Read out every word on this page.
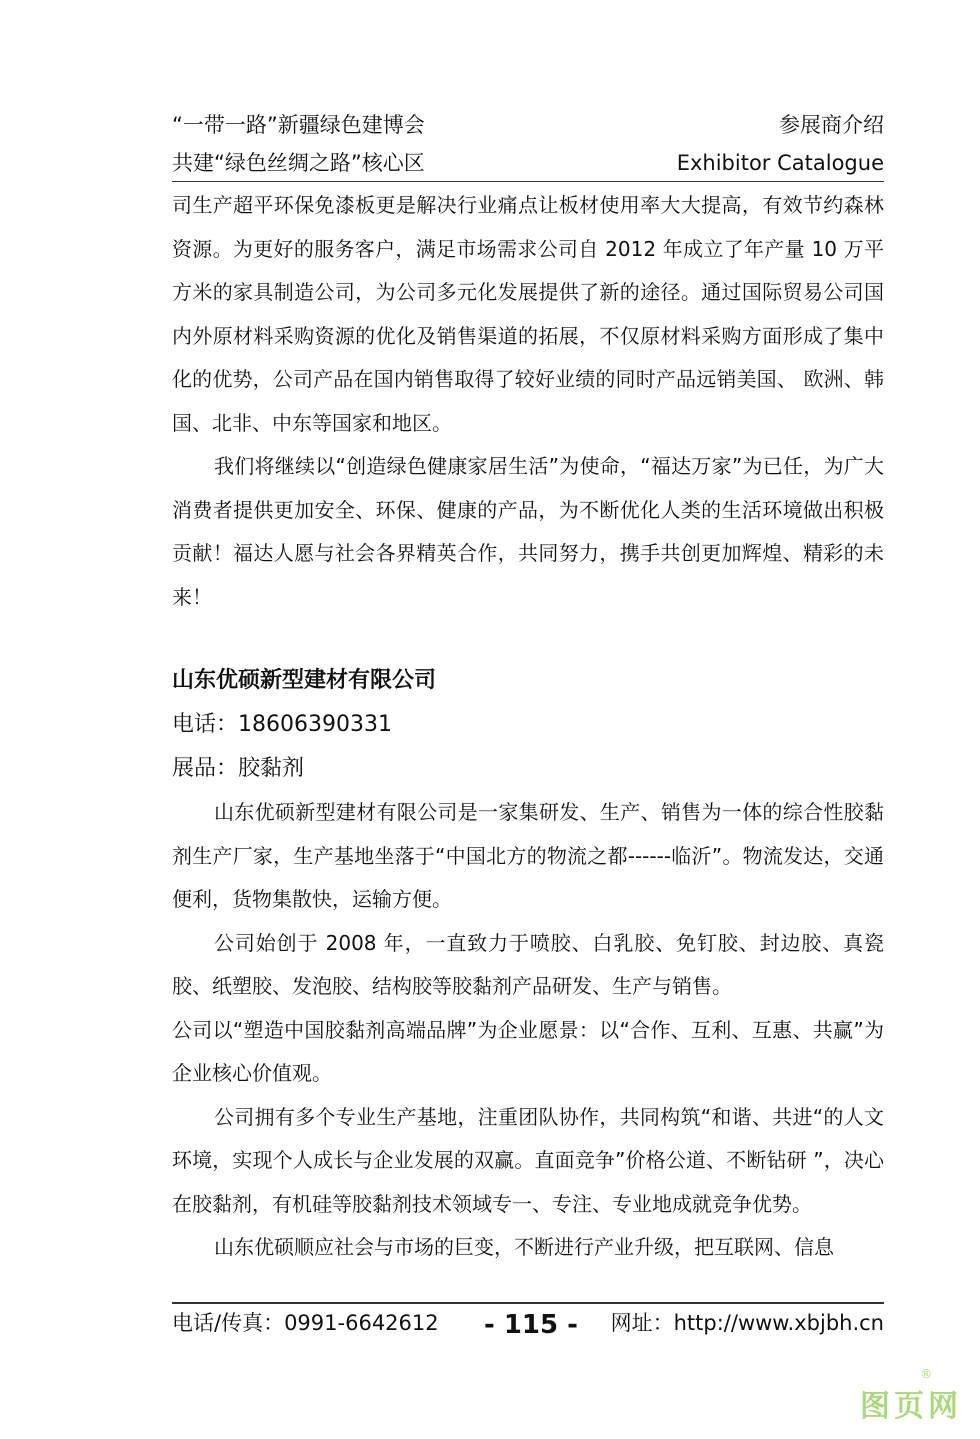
“一带一路”新疆绿色建博会	参展商介绍
共建“绿色丝绸之路”核心区	Exhibitor Catalogue

司生产超平环保免漆板更是解决行业痛点让板材使用率大大提高，有效节约森林资源。为更好的服务客户，满足市场需求公司自 2012 年成立了年产量 10 万平方米的家具制造公司，为公司多元化发展提供了新的途径。通过国际贸易公司国内外原材料采购资源的优化及销售渠道的拓展，不仅原材料采购方面形成了集中化的优势，公司产品在国内销售取得了较好业绩的同时产品远销美国、 欧洲、韩国、北非、中东等国家和地区。

我们将继续以“创造绿色健康家居生活”为使命，“福达万家”为已任，为广大消费者提供更加安全、环保、健康的产品，为不断优化人类的生活环境做出积极贡献！福达人愿与社会各界精英合作，共同努力，携手共创更加辉煌、精彩的未来！

山东优硕新型建材有限公司

电话：18606390331

展品：胶黏剂

山东优硕新型建材有限公司是一家集研发、生产、销售为一体的综合性胶黏剂生产厂家，生产基地坐落于“中国北方的物流之都------临沂”。物流发达，交通便利，货物集散快，运输方便。

公司始创于 2008 年，一直致力于喷胶、白乳胶、免钉胶、封边胶、真瓷胶、纸塑胶、发泡胶、结构胶等胶黏剂产品研发、生产与销售。

公司以“塑造中国胶黏剂高端品牌”为企业愿景：以“合作、互利、互惠、共赢”为企业核心价值观。

公司拥有多个专业生产基地，注重团队协作，共同构筑“和谐、共进“的人文环境，实现个人成长与企业发展的双赢。直面竞争”价格公道、不断钻研 ”，决心在胶黏剂，有机硅等胶黏剂技术领域专一、专注、专业地成就竞争优势。

山东优硕顺应社会与市场的巨变，不断进行产业升级，把互联网、信息

电话/传真：0991-6642612 - 115 - 网址：http://www.xbjbh.cn
图页网
®
